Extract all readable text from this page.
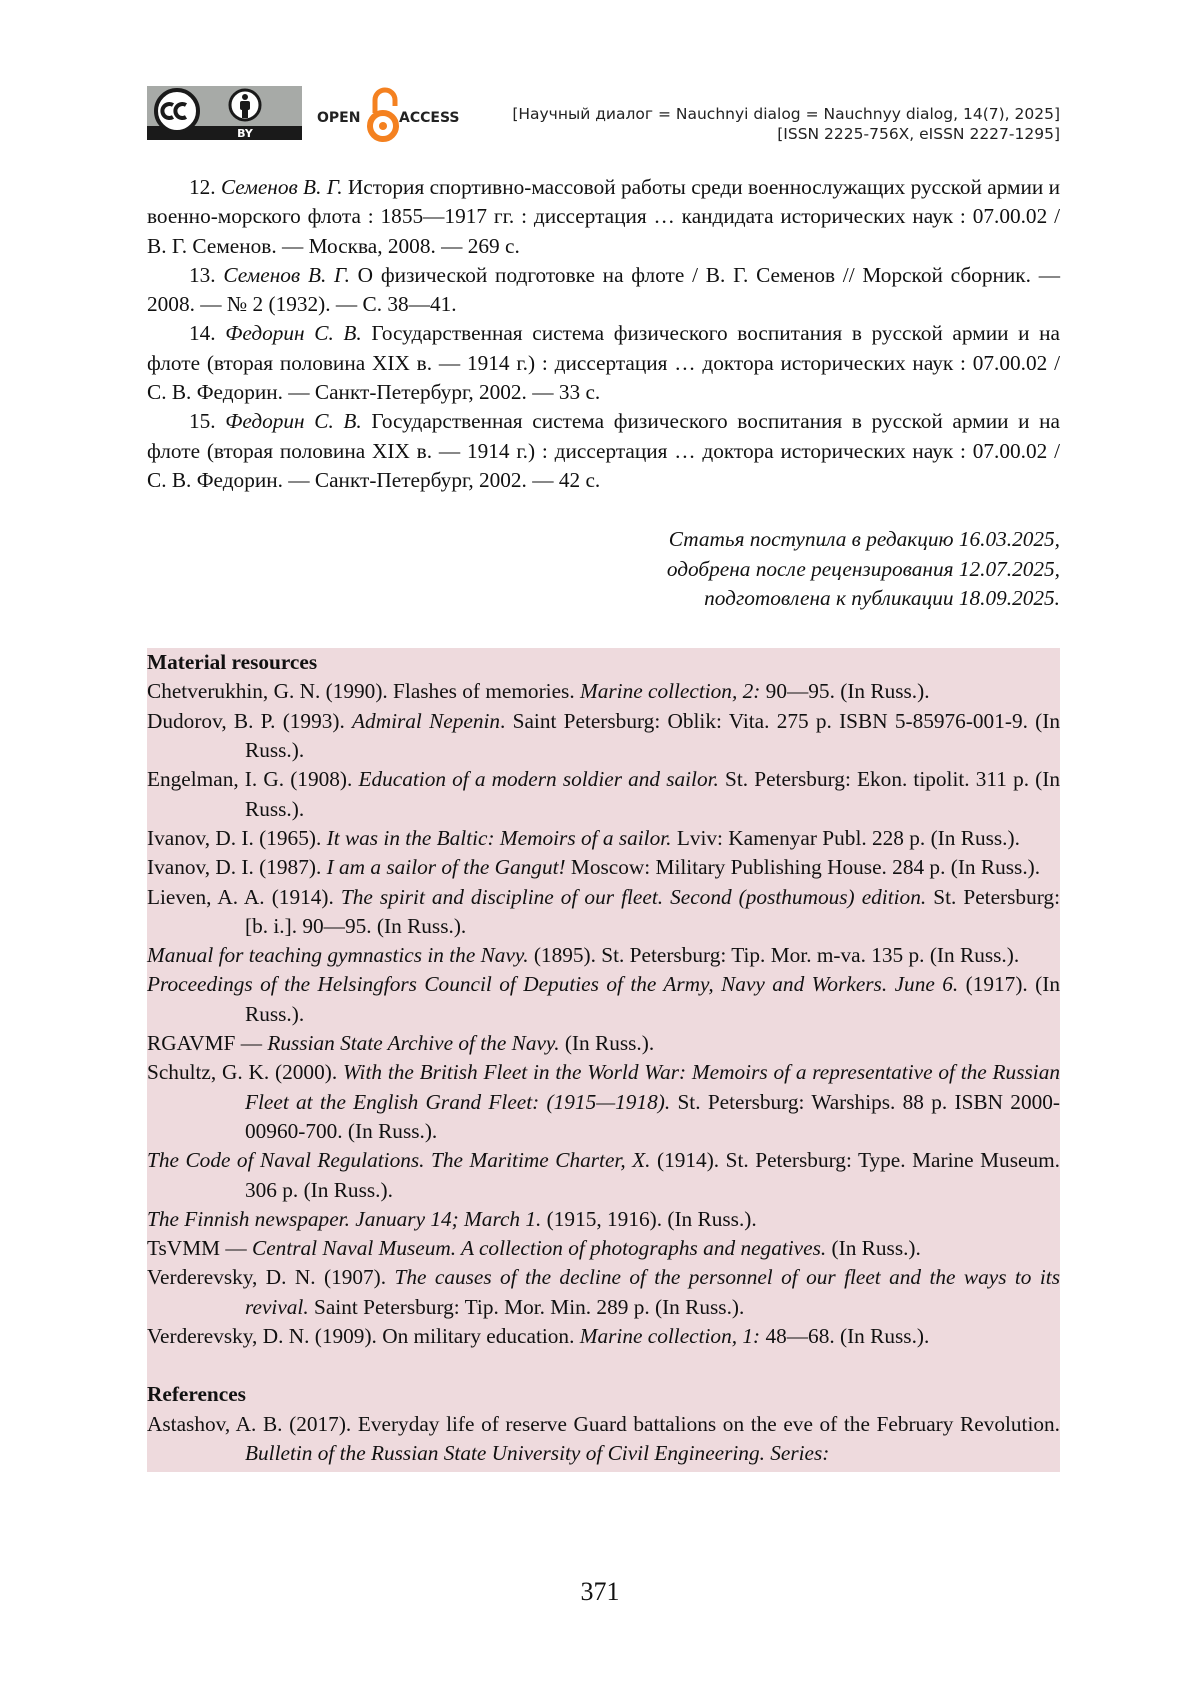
BY
OPEN	ACCESS	[Научный диалог = Nauchnyi dialog = Nauchnyy dialog, 14(7), 2025]
[ISSN 2225-756X, eISSN 2227-1295]

12. Семенов В. Г. История спортивно-массовой работы среди военнослужащих русской армии и военно-морского флота : 1855—1917 гг. : диссертация … кандидата исторических наук : 07.00.02 / В. Г. Семенов. — Москва, 2008. — 269 с.

13. Семенов В. Г. О физической подготовке на флоте / В. Г. Семенов // Морской сборник. — 2008. — № 2 (1932). — С. 38—41.

14. Федорин С. В. Государственная система физического воспитания в русской армии и на флоте (вторая половина XIX в. — 1914 г.) : диссертация … доктора исторических наук : 07.00.02 / С. В. Федорин. — Санкт-Петербург, 2002. — 33 с.

15. Федорин С. В. Государственная система физического воспитания в русской армии и на флоте (вторая половина XIX в. — 1914 г.) : диссертация … доктора исторических наук : 07.00.02 / С. В. Федорин. — Санкт-Петербург, 2002. — 42 с.

Статья поступила в редакцию 16.03.2025,
одобрена после рецензирования 12.07.2025,
подготовлена к публикации 18.09.2025.
Material resources

Chetverukhin, G. N. (1990). Flashes of memories. Marine collection, 2: 90—95. (In Russ.).

Dudorov, B. P. (1993). Admiral Nepenin. Saint Petersburg: Oblik: Vita. 275 p. ISBN 5-85976-001-9. (In Russ.).

Engelman, I. G. (1908). Education of a modern soldier and sailor. St. Petersburg: Ekon. tipolit. 311 p. (In Russ.).

Ivanov, D. I. (1965). It was in the Baltic: Memoirs of a sailor. Lviv: Kamenyar Publ. 228 p. (In Russ.).

Ivanov, D. I. (1987). I am a sailor of the Gangut! Moscow: Military Publishing House. 284 p. (In Russ.).

Lieven, A. A. (1914). The spirit and discipline of our fleet. Second (posthumous) edition. St. Petersburg: [b. i.]. 90—95. (In Russ.).

Manual for teaching gymnastics in the Navy. (1895). St. Petersburg: Tip. Mor. m-va. 135 p. (In Russ.).

Proceedings of the Helsingfors Council of Deputies of the Army, Navy and Workers. June 6. (1917). (In Russ.).

RGAVMF — Russian State Archive of the Navy. (In Russ.).

Schultz, G. K. (2000). With the British Fleet in the World War: Memoirs of a representative of the Russian Fleet at the English Grand Fleet: (1915—1918). St. Petersburg: Warships. 88 p. ISBN 2000-00960-700. (In Russ.).

The Code of Naval Regulations. The Maritime Charter, X. (1914). St. Petersburg: Type. Marine Museum. 306 p. (In Russ.).

The Finnish newspaper. January 14; March 1. (1915, 1916). (In Russ.).

TsVMM — Central Naval Museum. A collection of photographs and negatives. (In Russ.).

Verderevsky, D. N. (1907). The causes of the decline of the personnel of our fleet and the ways to its revival. Saint Petersburg: Tip. Mor. Min. 289 p. (In Russ.).

Verderevsky, D. N. (1909). On military education. Marine collection, 1: 48—68. (In Russ.).

References

Astashov, A. B. (2017). Everyday life of reserve Guard battalions on the eve of the February Revolution. Bulletin of the Russian State University of Civil Engineering. Series:

371
